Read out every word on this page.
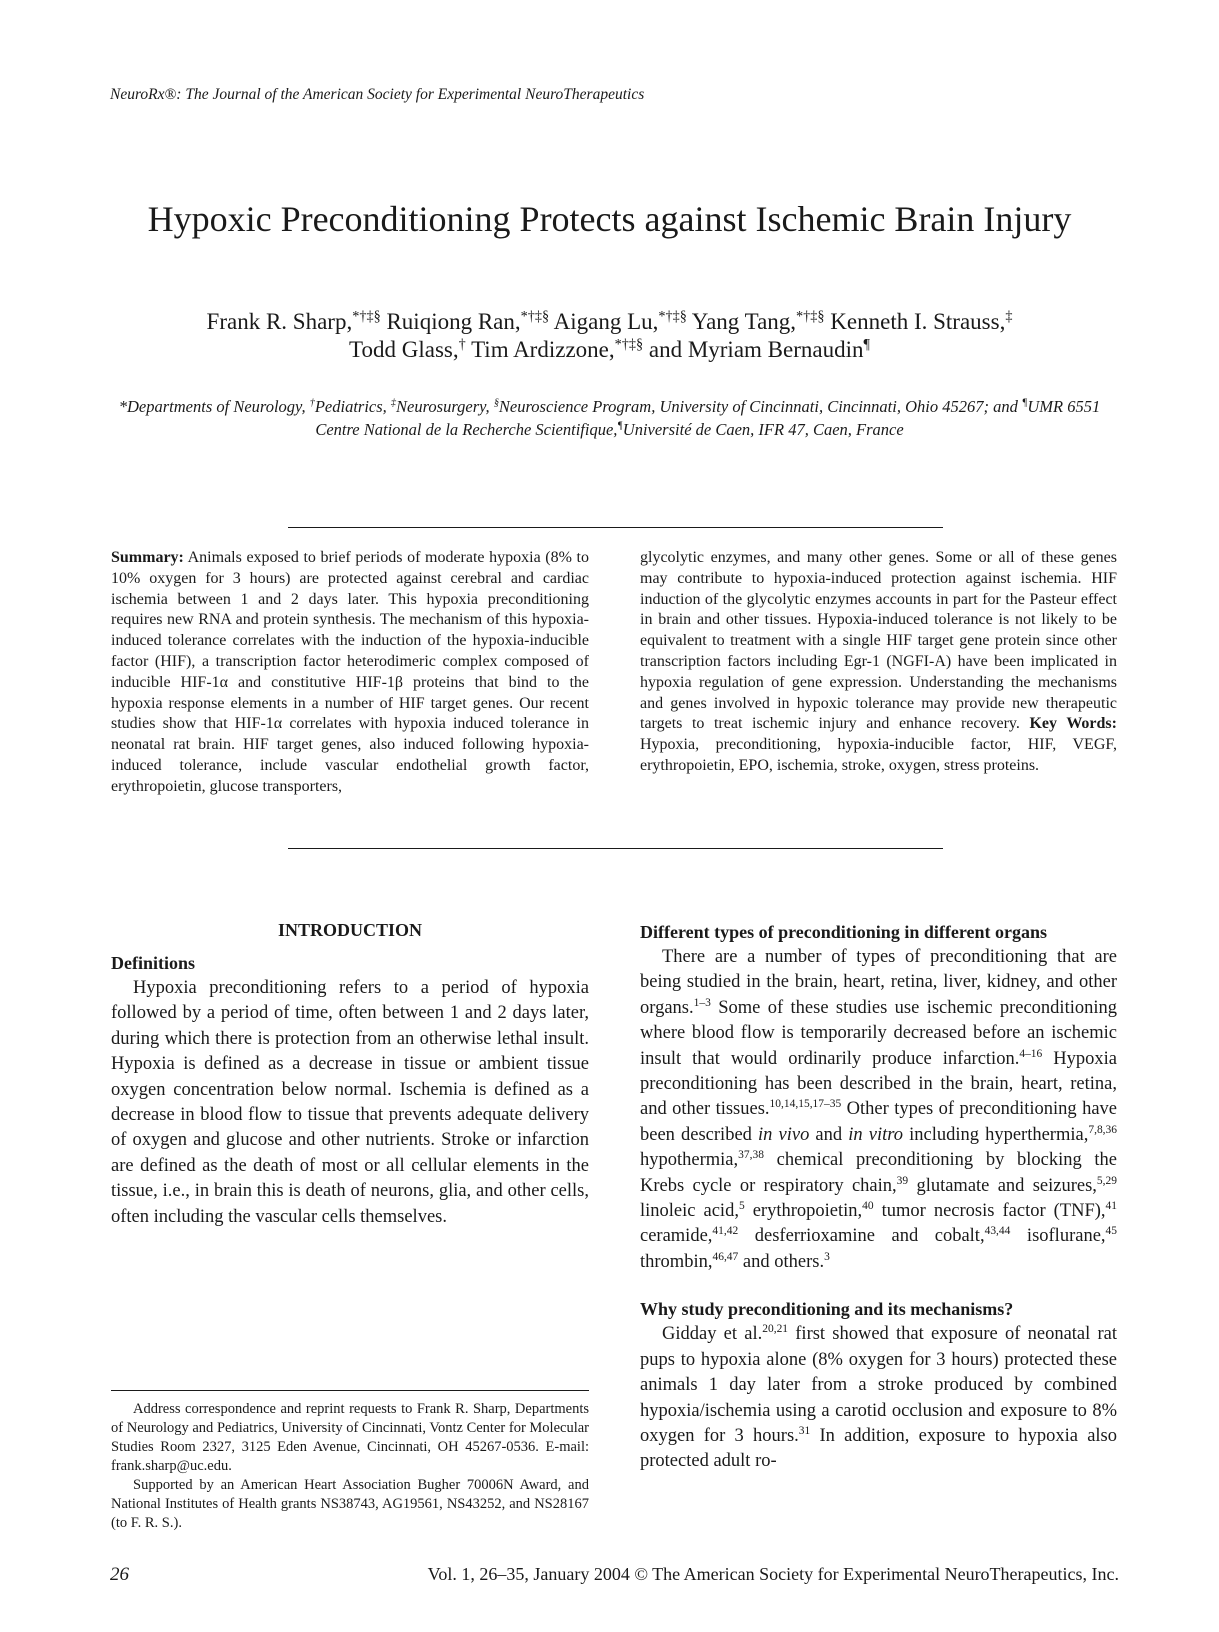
NeuroRx®: The Journal of the American Society for Experimental NeuroTherapeutics
Hypoxic Preconditioning Protects against Ischemic Brain Injury
Frank R. Sharp,*†‡§ Ruiqiong Ran,*†‡§ Aigang Lu,*†‡§ Yang Tang,*†‡§ Kenneth I. Strauss,‡
Todd Glass,† Tim Ardizzone,*†‡§ and Myriam Bernaudin¶
*Departments of Neurology, †Pediatrics, ‡Neurosurgery, §Neuroscience Program, University of Cincinnati, Cincinnati, Ohio 45267; and ¶UMR 6551 Centre National de la Recherche Scientifique,¶Université de Caen, IFR 47, Caen, France
Summary: Animals exposed to brief periods of moderate hypoxia (8% to 10% oxygen for 3 hours) are protected against cerebral and cardiac ischemia between 1 and 2 days later. This hypoxia preconditioning requires new RNA and protein synthesis. The mechanism of this hypoxia-induced tolerance correlates with the induction of the hypoxia-inducible factor (HIF), a transcription factor heterodimeric complex composed of inducible HIF-1α and constitutive HIF-1β proteins that bind to the hypoxia response elements in a number of HIF target genes. Our recent studies show that HIF-1α correlates with hypoxia induced tolerance in neonatal rat brain. HIF target genes, also induced following hypoxia-induced tolerance, include vascular endothelial growth factor, erythropoietin, glucose transporters,
glycolytic enzymes, and many other genes. Some or all of these genes may contribute to hypoxia-induced protection against ischemia. HIF induction of the glycolytic enzymes accounts in part for the Pasteur effect in brain and other tissues. Hypoxia-induced tolerance is not likely to be equivalent to treatment with a single HIF target gene protein since other transcription factors including Egr-1 (NGFI-A) have been implicated in hypoxia regulation of gene expression. Understanding the mechanisms and genes involved in hypoxic tolerance may provide new therapeutic targets to treat ischemic injury and enhance recovery. Key Words: Hypoxia, preconditioning, hypoxia-inducible factor, HIF, VEGF, erythropoietin, EPO, ischemia, stroke, oxygen, stress proteins.
INTRODUCTION
Definitions

Hypoxia preconditioning refers to a period of hypoxia followed by a period of time, often between 1 and 2 days later, during which there is protection from an otherwise lethal insult. Hypoxia is defined as a decrease in tissue or ambient tissue oxygen concentration below normal. Ischemia is defined as a decrease in blood flow to tissue that prevents adequate delivery of oxygen and glucose and other nutrients. Stroke or infarction are defined as the death of most or all cellular elements in the tissue, i.e., in brain this is death of neurons, glia, and other cells, often including the vascular cells themselves.

Address correspondence and reprint requests to Frank R. Sharp, Departments of Neurology and Pediatrics, University of Cincinnati, Vontz Center for Molecular Studies Room 2327, 3125 Eden Avenue, Cincinnati, OH 45267-0536. E-mail: frank.sharp@uc.edu.

Supported by an American Heart Association Bugher 70006N Award, and National Institutes of Health grants NS38743, AG19561, NS43252, and NS28167 (to F. R. S.).

Different types of preconditioning in different organs

There are a number of types of preconditioning that are being studied in the brain, heart, retina, liver, kidney, and other organs.$^{1-3}$ Some of these studies use ischemic preconditioning where blood flow is temporarily decreased before an ischemic insult that would ordinarily produce infarction.$^{4-16}$ Hypoxia preconditioning has been described in the brain, heart, retina, and other tissues.$^{10,14,15,17-35}$ Other types of preconditioning have been described in vivo and in vitro including hyperthermia,$^{7,8,36}$ hypothermia,$^{37,38}$ chemical preconditioning by blocking the Krebs cycle or respiratory chain,$^{39}$ glutamate and seizures,$^{5,29}$ linoleic acid,$^5$ erythropoietin,$^{40}$ tumor necrosis factor (TNF),$^{41}$ ceramide,$^{41,42}$ desferrioxamine and cobalt,$^{43,44}$ isoflurane,$^{45}$ thrombin,$^{46,47}$ and others.$^3$

Why study preconditioning and its mechanisms?

Gidday et al.$^{20,21}$ first showed that exposure of neonatal rat pups to hypoxia alone (8% oxygen for 3 hours) protected these animals 1 day later from a stroke produced by combined hypoxia/ischemia using a carotid occlusion and exposure to 8% oxygen for 3 hours.$^{31}$ In addition, exposure to hypoxia also protected adult ro-

26	Vol. 1, 26–35, January 2004 © The American Society for Experimental NeuroTherapeutics, Inc.
